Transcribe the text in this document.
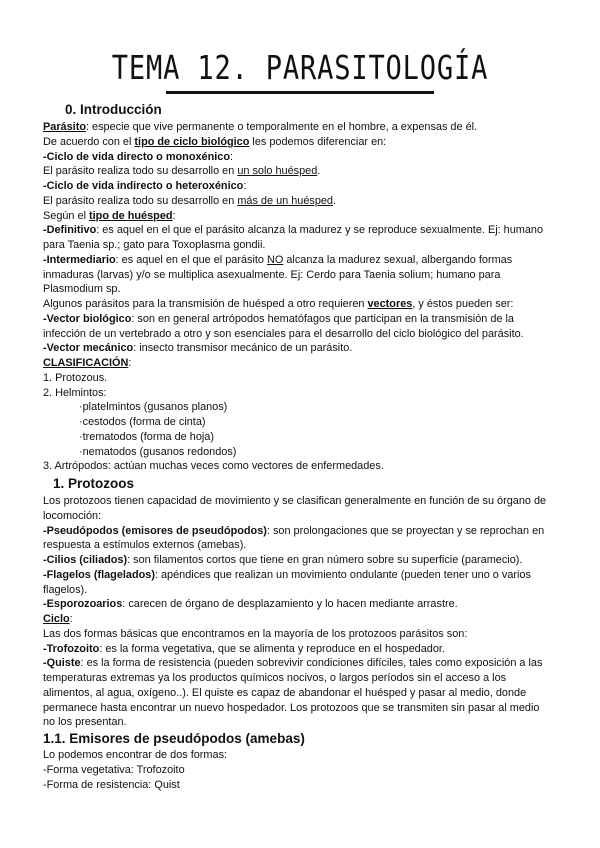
TEMA 12. PARASITOLOGÍA

0. Introducción

Parásito: especie que vive permanente o temporalmente en el hombre, a expensas de él.

De acuerdo con el tipo de ciclo biológico les podemos diferenciar en:

-Ciclo de vida directo o monoxénico:

El parásito realiza todo su desarrollo en un solo huésped.

-Ciclo de vida indirecto o heteroxénico:

El parásito realiza todo su desarrollo en más de un huésped.

Según el tipo de huésped:

-Definitivo: es aquel en el que el parásito alcanza la madurez y se reproduce sexualmente. Ej: humano

para Taenia sp.; gato para Toxoplasma gondii.

-Intermediario: es aquel en el que el parásito NO alcanza la madurez sexual, albergando formas

inmaduras (larvas) y/o se multiplica asexualmente. Ej: Cerdo para Taenia solium; humano para

Plasmodium sp.

Algunos parásitos para la transmisión de huésped a otro requieren vectores, y éstos pueden ser:

-Vector biológico: son en general artrópodos hematófagos que participan en la transmisión de la

infección de un vertebrado a otro y son esenciales para el desarrollo del ciclo biológico del parásito.

-Vector mecánico: insecto transmisor mecánico de un parásito.

CLASIFICACIÓN:

1. Protozous.

2. Helmintos:

·platelmintos (gusanos planos)

·cestodos (forma de cinta)

·trematodos (forma de hoja)

·nematodos (gusanos redondos)

3. Artrópodos: actúan muchas veces como vectores de enfermedades.

1. Protozoos

Los protozoos tienen capacidad de movimiento y se clasifican generalmente en función de su órgano de

locomoción:

-Pseudópodos (emisores de pseudópodos): son prolongaciones que se proyectan y se reprochan en

respuesta a estímulos externos (amebas).

-Cilios (ciliados): son filamentos cortos que tiene en gran número sobre su superficie (paramecio).

-Flagelos (flagelados): apéndices que realizan un movimiento ondulante (pueden tener uno o varios

flagelos).

-Esporozoarios: carecen de órgano de desplazamiento y lo hacen mediante arrastre.

Ciclo:

Las dos formas básicas que encontramos en la mayoría de los protozoos parásitos son:

-Trofozoito: es la forma vegetativa, que se alimenta y reproduce en el hospedador.

-Quiste: es la forma de resistencia (pueden sobrevivir condiciones difíciles, tales como exposición a las

temperaturas extremas ya los productos químicos nocivos, o largos períodos sin el acceso a los

alimentos, al agua, oxígeno..). El quiste es capaz de abandonar el huésped y pasar al medio, donde

permanece hasta encontrar un nuevo hospedador. Los protozoos que se transmiten sin pasar al medio

no los presentan.

1.1. Emisores de pseudópodos (amebas)

Lo podemos encontrar de dos formas:

-Forma vegetativa: Trofozoito

-Forma de resistencia: Quist
